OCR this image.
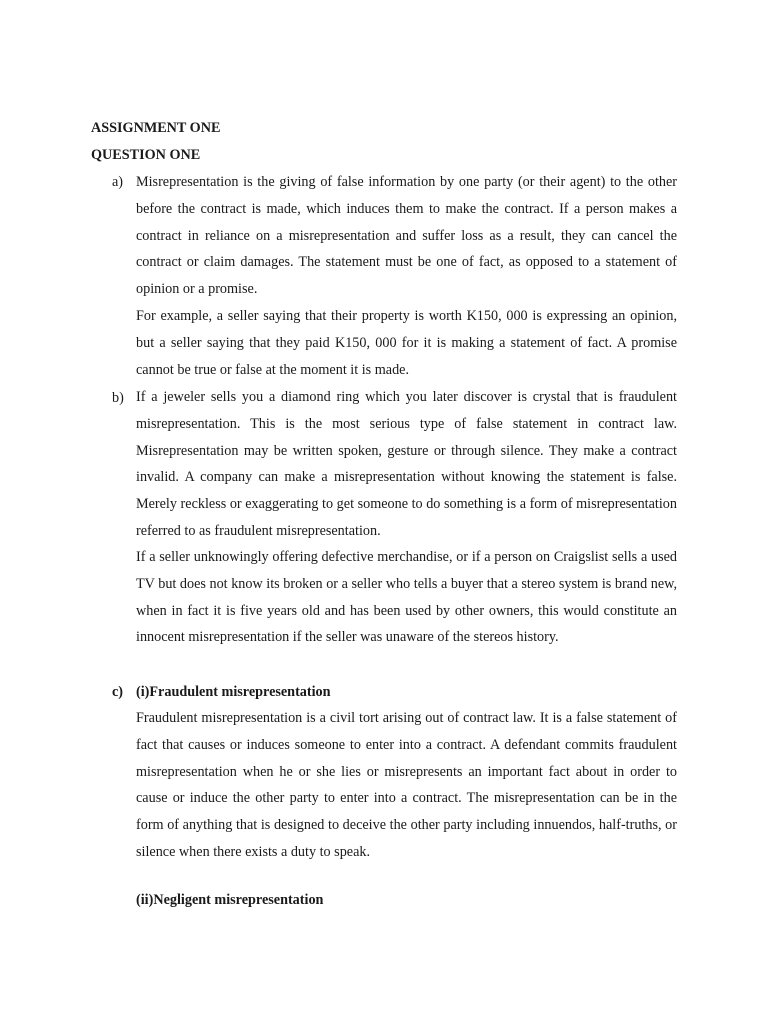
ASSIGNMENT ONE
QUESTION ONE
a) Misrepresentation is the giving of false information by one party (or their agent) to the other before the contract is made, which induces them to make the contract. If a person makes a contract in reliance on a misrepresentation and suffer loss as a result, they can cancel the contract or claim damages. The statement must be one of fact, as opposed to a statement of opinion or a promise.
For example, a seller saying that their property is worth K150, 000 is expressing an opinion, but a seller saying that they paid K150, 000 for it is making a statement of fact. A promise cannot be true or false at the moment it is made.
b) If a jeweler sells you a diamond ring which you later discover is crystal that is fraudulent misrepresentation. This is the most serious type of false statement in contract law. Misrepresentation may be written spoken, gesture or through silence. They make a contract invalid. A company can make a misrepresentation without knowing the statement is false. Merely reckless or exaggerating to get someone to do something is a form of misrepresentation referred to as fraudulent misrepresentation.
If a seller unknowingly offering defective merchandise, or if a person on Craigslist sells a used TV but does not know its broken or a seller who tells a buyer that a stereo system is brand new, when in fact it is five years old and has been used by other owners, this would constitute an innocent misrepresentation if the seller was unaware of the stereos history.
c) (i)Fraudulent misrepresentation
Fraudulent misrepresentation is a civil tort arising out of contract law. It is a false statement of fact that causes or induces someone to enter into a contract. A defendant commits fraudulent misrepresentation when he or she lies or misrepresents an important fact about in order to cause or induce the other party to enter into a contract. The misrepresentation can be in the form of anything that is designed to deceive the other party including innuendos, half-truths, or silence when there exists a duty to speak.
(ii)Negligent misrepresentation
